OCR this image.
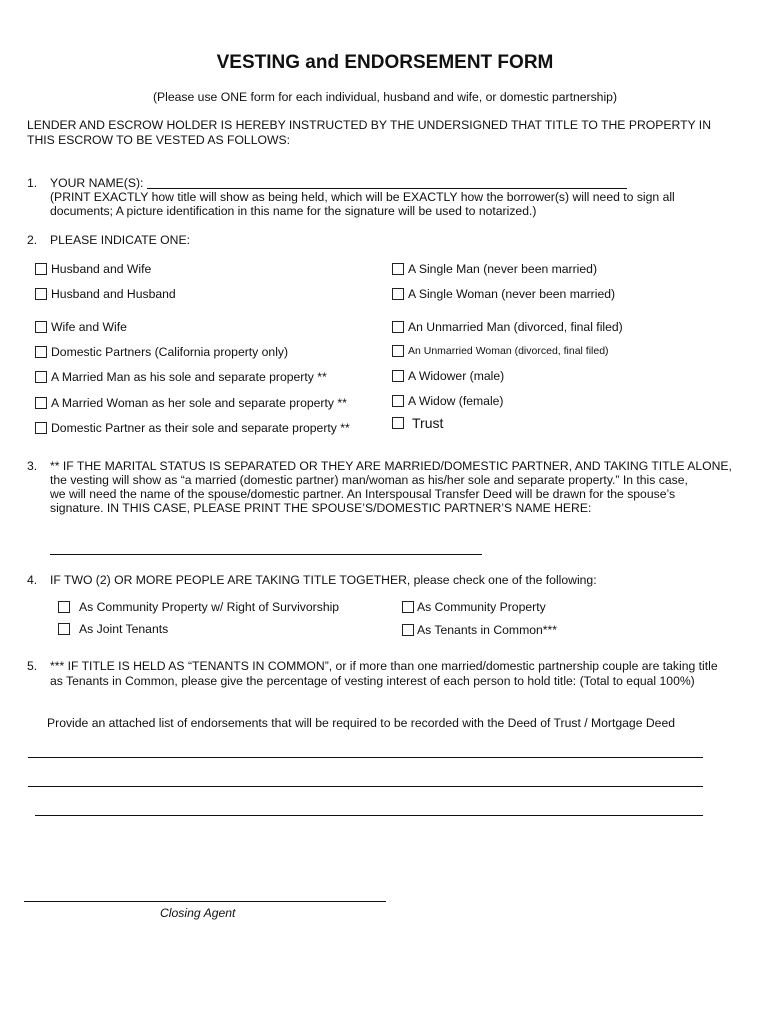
VESTING and ENDORSEMENT FORM
(Please use ONE form for each individual, husband and wife, or domestic partnership)
LENDER AND ESCROW HOLDER IS HEREBY INSTRUCTED BY THE UNDERSIGNED THAT TITLE TO THE PROPERTY IN THIS ESCROW TO BE VESTED AS FOLLOWS:
1. YOUR NAME(S):
(PRINT EXACTLY how title will show as being held, which will be EXACTLY how the borrower(s) will need to sign all
documents; A picture identification in this name for the signature will be used to notarized.)
2. PLEASE INDICATE ONE:
Husband and Wife
Husband and Husband
Wife and Wife
Domestic Partners (California property only)
A Married Man as his sole and separate property **
A Married Woman as her sole and separate property **
Domestic Partner as their sole and separate property **
A Single Man (never been married)
A Single Woman (never been married)
An Unmarried Man (divorced, final filed)
An Unmarried Woman (divorced, final filed)
A Widower (male)
A Widow (female)
Trust
3. ** IF THE MARITAL STATUS IS SEPARATED OR THEY ARE MARRIED/DOMESTIC PARTNER, AND TAKING TITLE ALONE,
the vesting will show as “a married (domestic partner) man/woman as his/her sole and separate property.” In this case,
we will need the name of the spouse/domestic partner. An Interspousal Transfer Deed will be drawn for the spouse’s
signature. IN THIS CASE, PLEASE PRINT THE SPOUSE’S/DOMESTIC PARTNER’S NAME HERE:
4. IF TWO (2) OR MORE PEOPLE ARE TAKING TITLE TOGETHER, please check one of the following:
As Community Property w/ Right of Survivorship	As Community Property
As Joint Tenants	As Tenants in Common***
5. *** IF TITLE IS HELD AS “TENANTS IN COMMON”, or if more than one married/domestic partnership couple are taking title
as Tenants in Common, please give the percentage of vesting interest of each person to hold title: (Total to equal 100%)
Provide an attached list of endorsements that will be required to be recorded with the Deed of Trust / Mortgage Deed
Closing Agent
